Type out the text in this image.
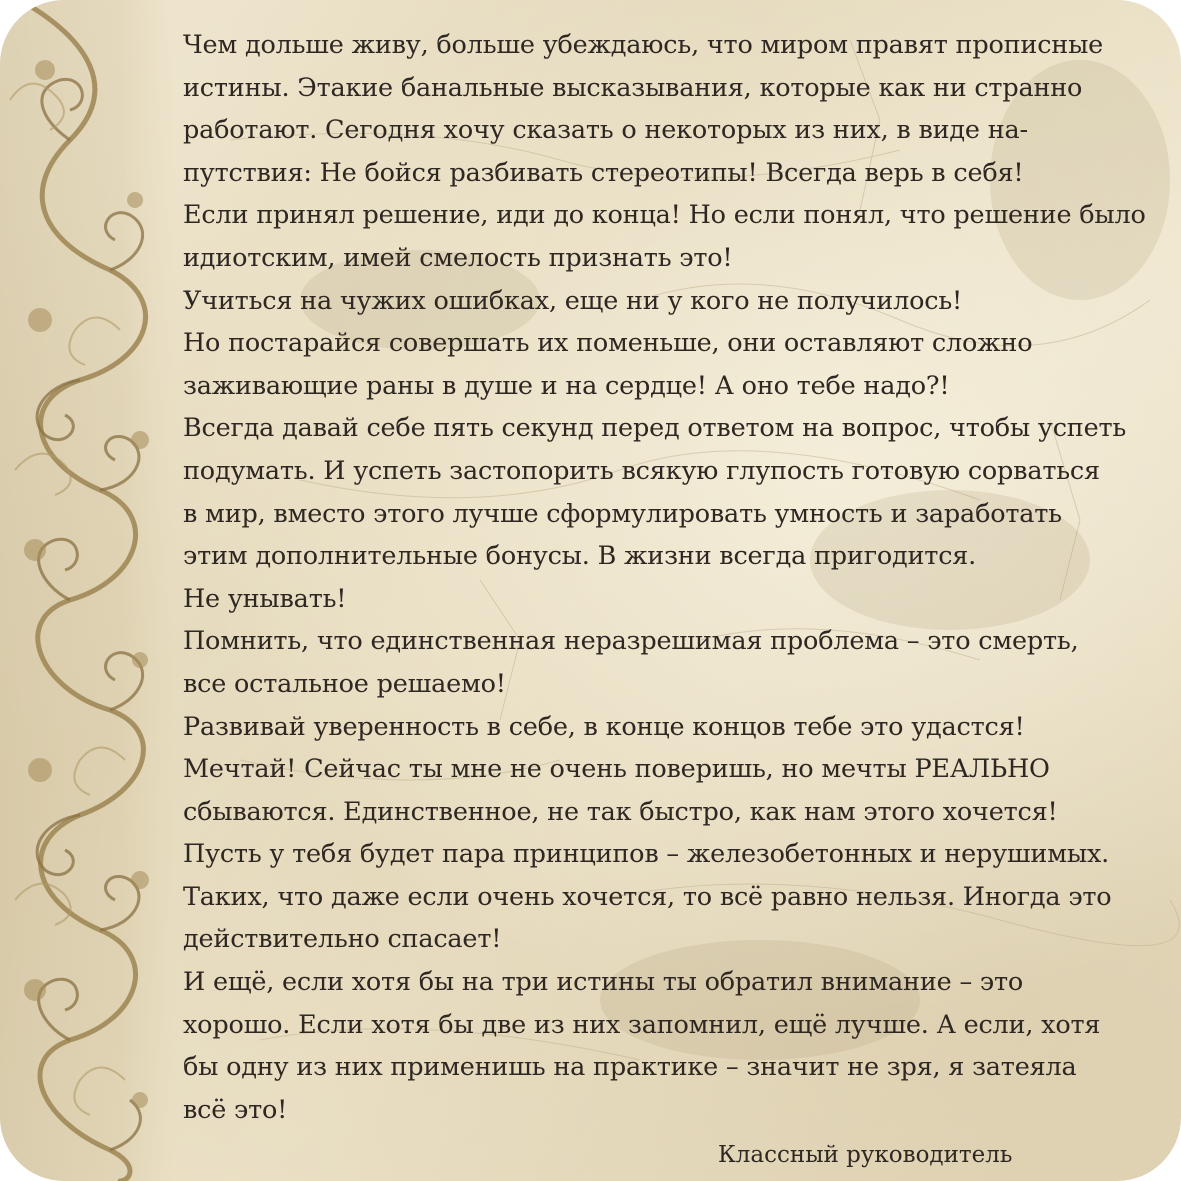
Чем дольше живу, больше убеждаюсь, что миром правят прописные
истины. Этакие банальные высказывания, которые как ни странно
работают. Сегодня хочу сказать о некоторых из них, в виде на-
путствия: Не бойся разбивать стереотипы! Всегда верь в себя!
Если принял решение, иди до конца! Но если понял, что решение было
идиотским, имей смелость признать это!
Учиться на чужих ошибках, еще ни у кого не получилось!
Но постарайся совершать их поменьше, они оставляют сложно
заживающие раны в душе и на сердце! А оно тебе надо?!
Всегда давай себе пять секунд перед ответом на вопрос, чтобы успеть
подумать. И успеть застопорить всякую глупость готовую сорваться
в мир, вместо этого лучше сформулировать умность и заработать
этим дополнительные бонусы. В жизни всегда пригодится.
Не унывать!
Помнить, что единственная неразрешимая проблема – это смерть,
все остальное решаемо!
Развивай уверенность в себе, в конце концов тебе это удастся!
Мечтай! Сейчас ты мне не очень поверишь, но мечты РЕАЛЬНО
сбываются. Единственное, не так быстро, как нам этого хочется!
Пусть у тебя будет пара принципов – железобетонных и нерушимых.
Таких, что даже если очень хочется, то всё равно нельзя. Иногда это
действительно спасает!
И ещё, если хотя бы на три истины ты обратил внимание – это
хорошо. Если хотя бы две из них запомнил, ещё лучше. А если, хотя
бы одну из них применишь на практике – значит не зря, я затеяла
всё это!
Классный руководитель
